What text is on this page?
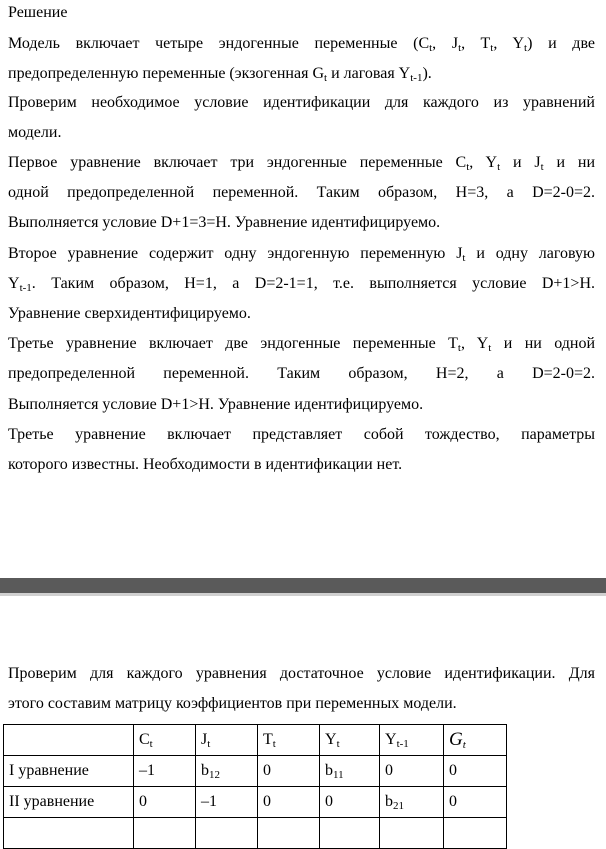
Решение
Модель включает четыре эндогенные переменные ($C_t$, $J_t$, $T_t$, $Y_t$) и две
предопределенную переменные (экзогенная $G_t$ и лаговая $Y_{t-1}$).
Проверим необходимое условие идентификации для каждого из уравнений
модели.
Первое уравнение включает три эндогенные переменные $C_t$, $Y_t$ и $J_t$ и ни
одной предопределенной переменной. Таким образом, H=3, а D=2-0=2.
Выполняется условие D+1=3=H. Уравнение идентифицируемо.
Второе уравнение содержит одну эндогенную переменную $J_t$ и одну лаговую
$Y_{t-1}$. Таким образом, H=1, а D=2-1=1, т.е. выполняется условие D+1>H.
Уравнение сверхидентифицируемо.
Третье уравнение включает две эндогенные переменные $T_t$, $Y_t$ и ни одной
предопределенной переменной. Таким образом, H=2, а D=2-0=2.
Выполняется условие D+1>H. Уравнение идентифицируемо.
Третье уравнение включает представляет собой тождество, параметры
которого известны. Необходимости в идентификации нет.
Проверим для каждого уравнения достаточное условие идентификации. Для
этого составим матрицу коэффициентов при переменных модели.
	$C_t$	$J_t$	$T_t$	$Y_t$	$Y_{t-1}$	$G_t$
I уравнение	–1	$b_{12}$	0	$b_{11}$	0	0
II уравнение	0	–1	0	0	$b_{21}$	0
